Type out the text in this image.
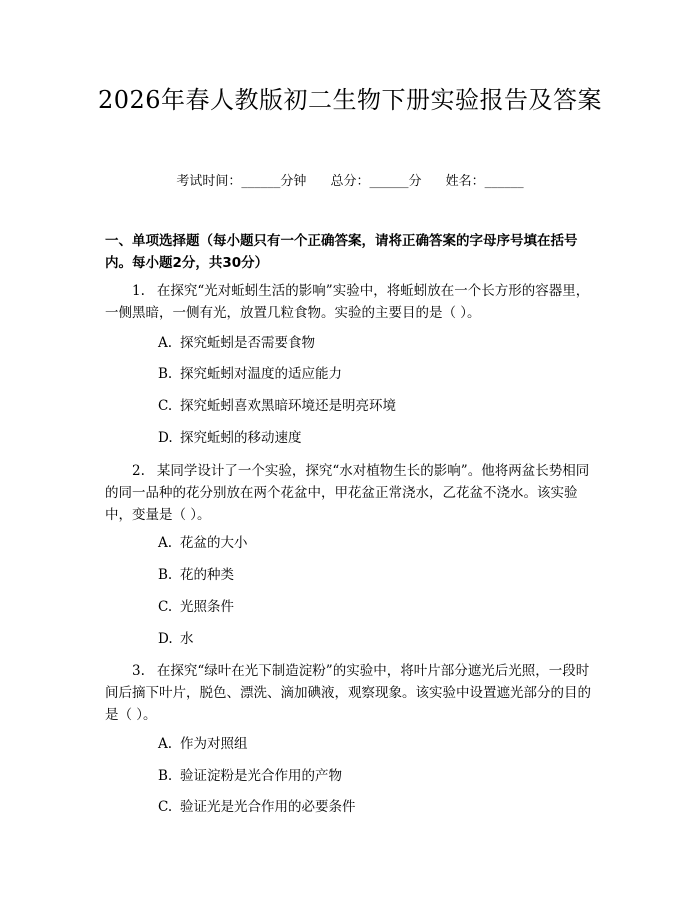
2026年春人教版初二生物下册实验报告及答案
考试时间：______分钟 总分：______分 姓名：______
一、单项选择题（每小题只有一个正确答案，请将正确答案的字母序号填在括号内。每小题2分，共30分）
1. 在探究“光对蚯蚓生活的影响”实验中，将蚯蚓放在一个长方形的容器里，一侧黑暗，一侧有光，放置几粒食物。实验的主要目的是（ ）。
A. 探究蚯蚓是否需要食物
B. 探究蚯蚓对温度的适应能力
C. 探究蚯蚓喜欢黑暗环境还是明亮环境
D. 探究蚯蚓的移动速度
2. 某同学设计了一个实验，探究“水对植物生长的影响”。他将两盆长势相同的同一品种的花分别放在两个花盆中，甲花盆正常浇水，乙花盆不浇水。该实验中，变量是（ ）。
A. 花盆的大小
B. 花的种类
C. 光照条件
D. 水
3. 在探究“绿叶在光下制造淀粉”的实验中，将叶片部分遮光后光照，一段时间后摘下叶片，脱色、漂洗、滴加碘液，观察现象。该实验中设置遮光部分的目的是（ ）。
A. 作为对照组
B. 验证淀粉是光合作用的产物
C. 验证光是光合作用的必要条件
